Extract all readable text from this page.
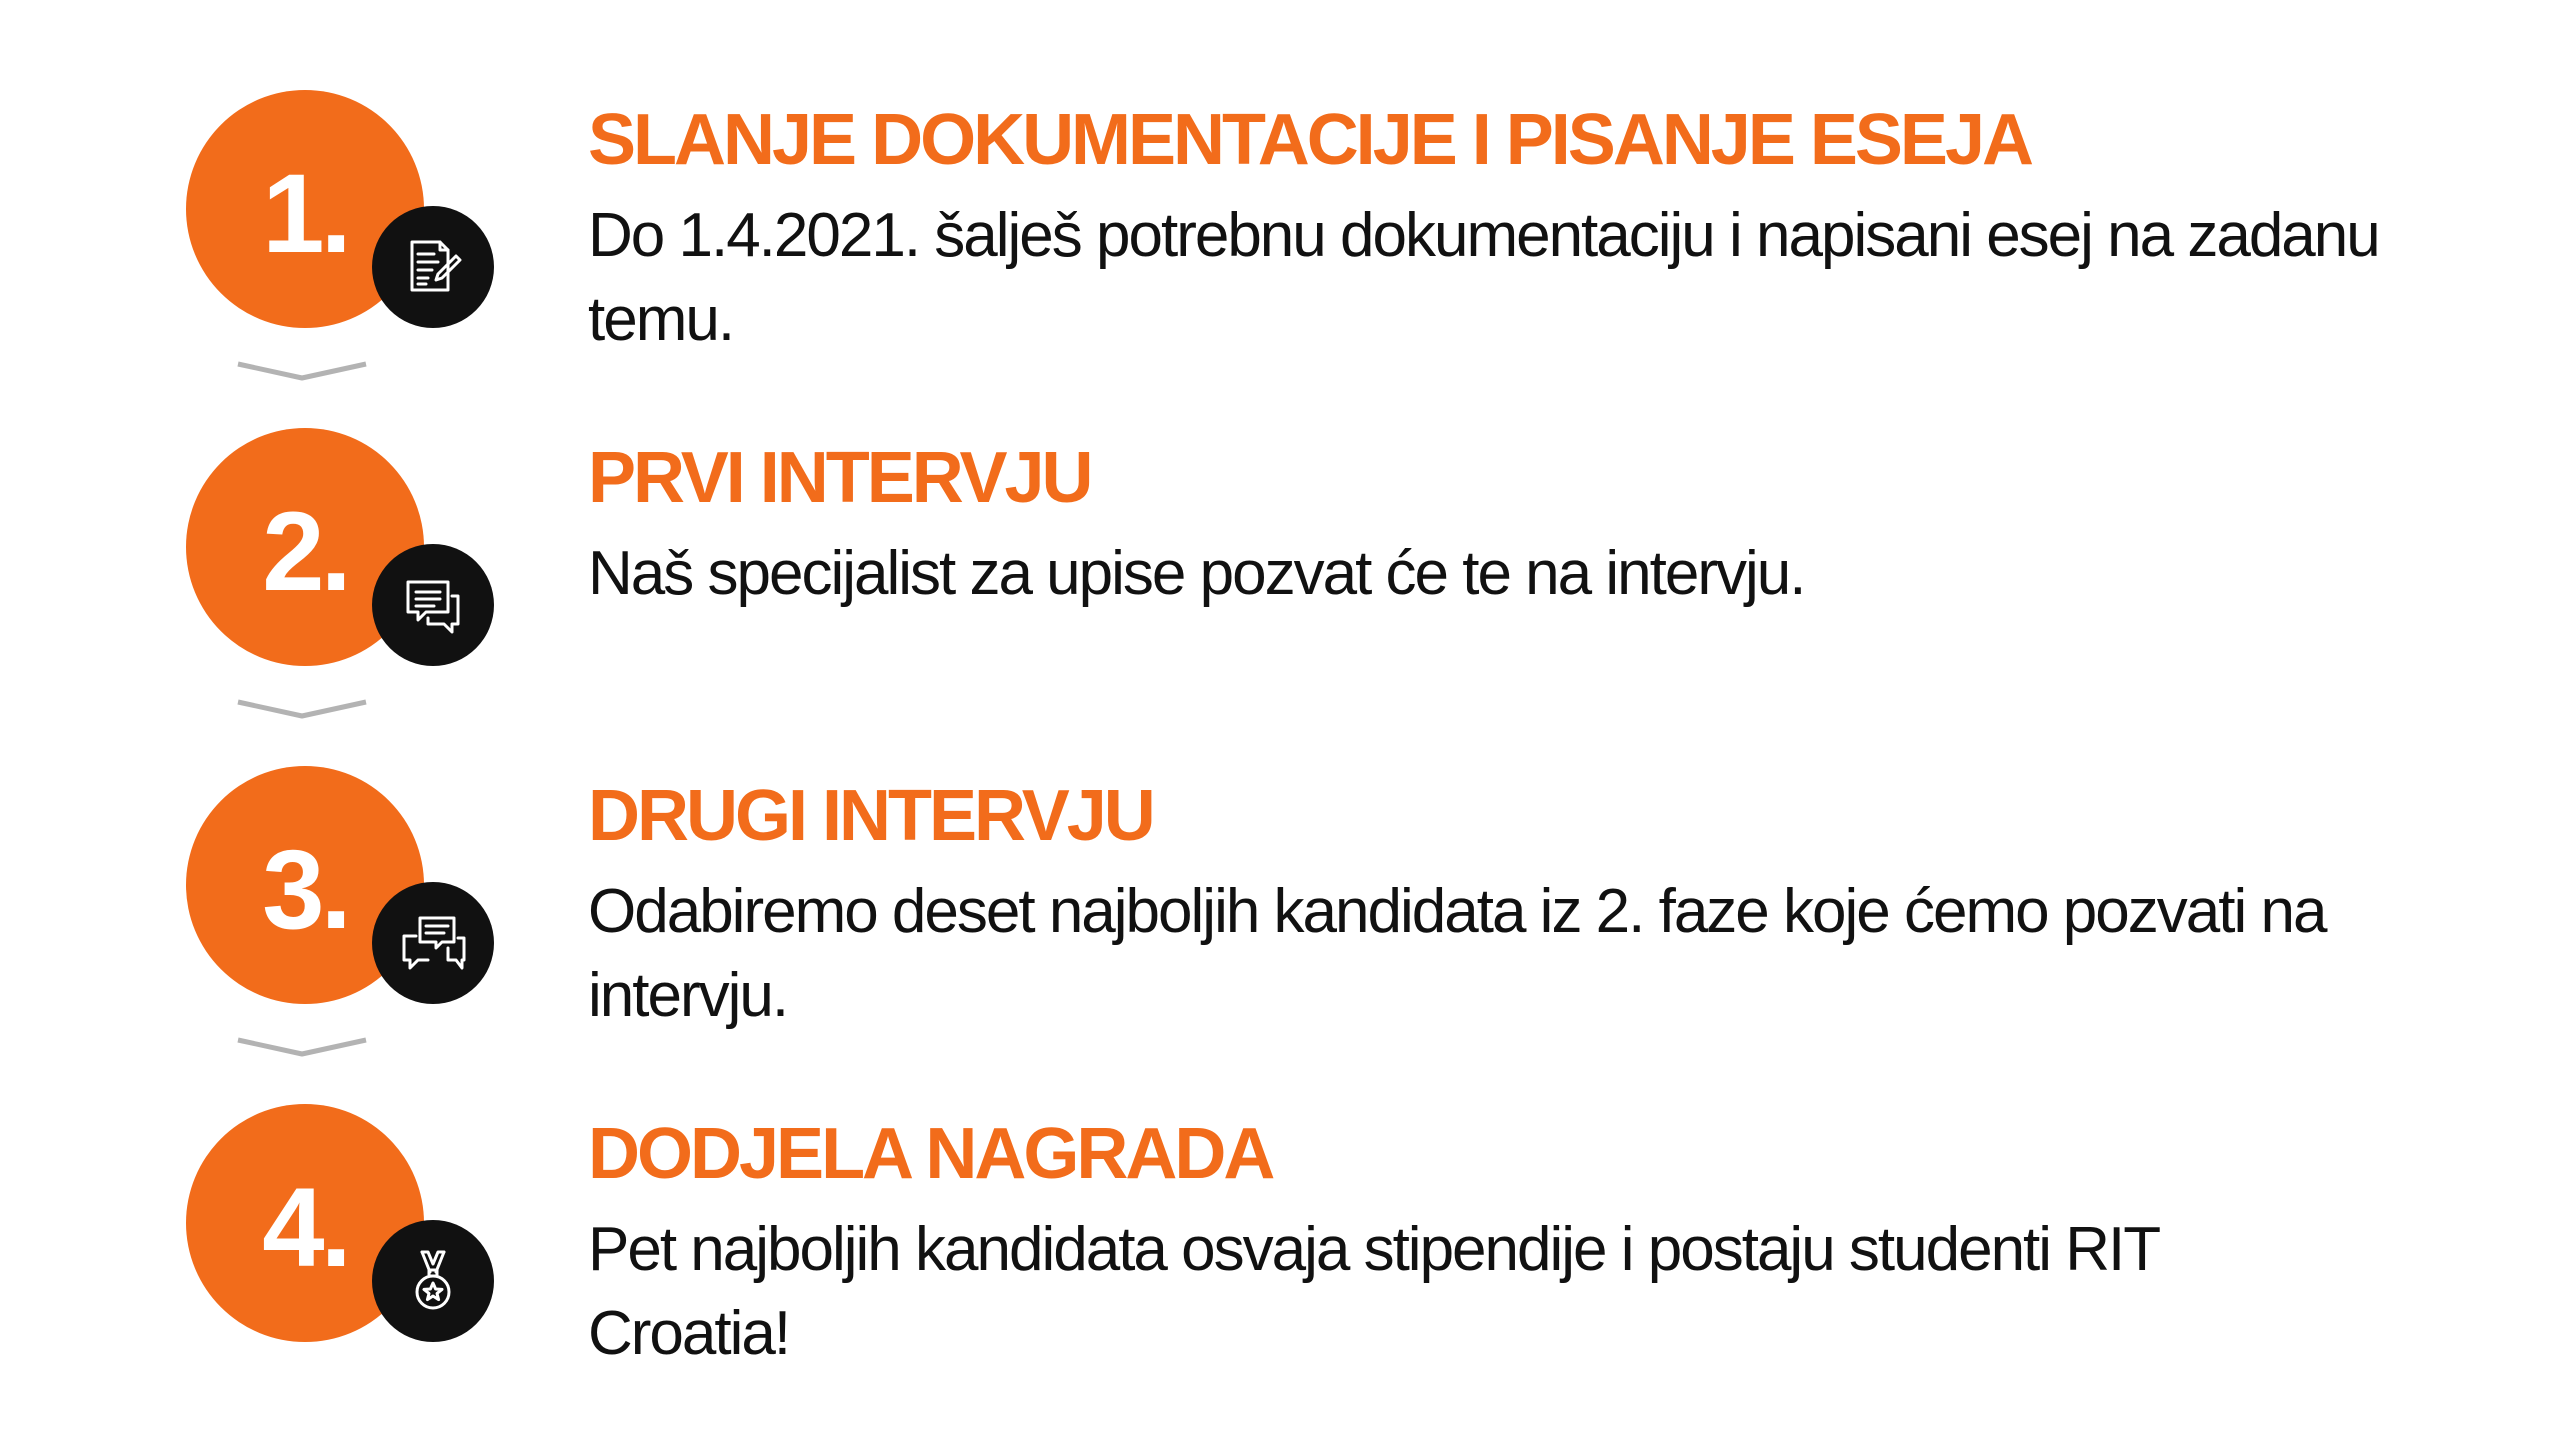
1.
SLANJE DOKUMENTACIJE I PISANJE ESEJA

Do 1.4.2021. šalješ potrebnu dokumentaciju i napisani esej na zadanu temu.

2.
PRVI INTERVJU

Naš specijalist za upise pozvat će te na intervju.

3.
DRUGI INTERVJU

Odabiremo deset najboljih kandidata iz 2. faze koje ćemo pozvati na intervju.

4.
DODJELA NAGRADA

Pet najboljih kandidata osvaja stipendije i postaju studenti RIT Croatia!
